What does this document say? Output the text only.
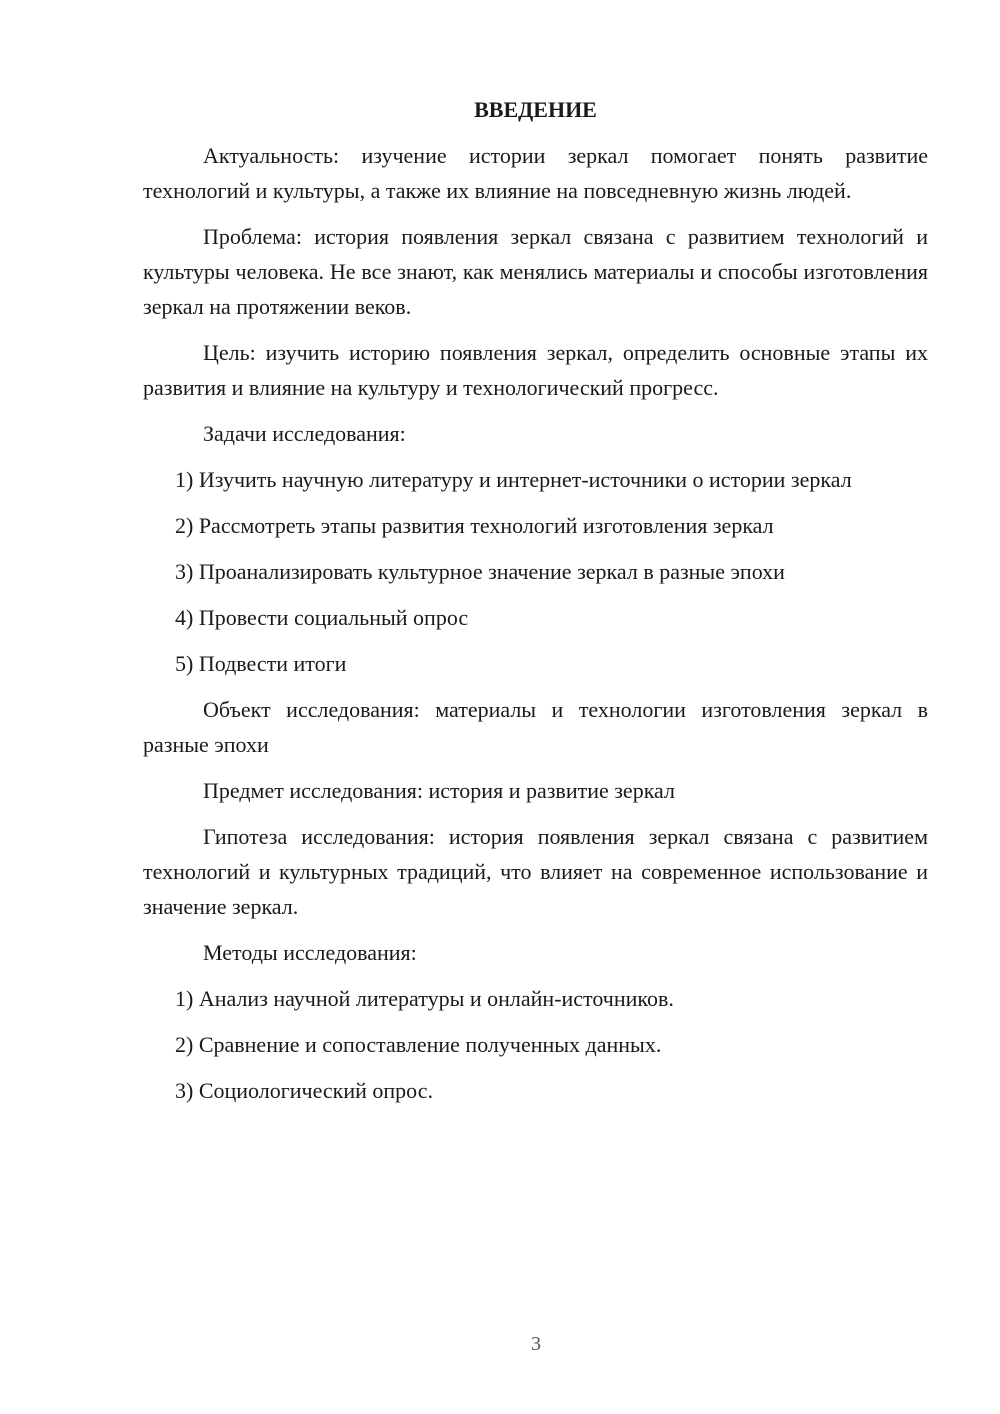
ВВЕДЕНИЕ

Актуальность: изучение истории зеркал помогает понять развитие технологий и культуры, а также их влияние на повседневную жизнь людей.

Проблема: история появления зеркал связана с развитием технологий и культуры человека. Не все знают, как менялись материалы и способы изготовления зеркал на протяжении веков.

Цель: изучить историю появления зеркал, определить основные этапы их развития и влияние на культуру и технологический прогресс.

Задачи исследования:

1) Изучить научную литературу и интернет-источники о истории зеркал

2) Рассмотреть этапы развития технологий изготовления зеркал

3) Проанализировать культурное значение зеркал в разные эпохи

4) Провести социальный опрос

5) Подвести итоги

Объект исследования: материалы и технологии изготовления зеркал в разные эпохи

Предмет исследования: история и развитие зеркал

Гипотеза исследования: история появления зеркал связана с развитием технологий и культурных традиций, что влияет на современное использование и значение зеркал.

Методы исследования:

1) Анализ научной литературы и онлайн-источников.

2) Сравнение и сопоставление полученных данных.

3) Социологический опрос.

3
